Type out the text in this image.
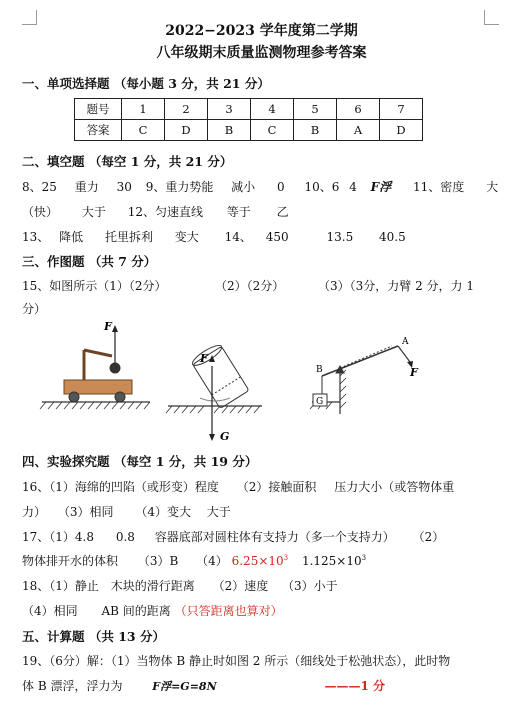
2022−2023 学年度第二学期
八年级期末质量监测物理参考答案
一、单项选择题 （每小题 3 分，共 21 分）
题号	1	2	3	4	5	6	7
答案	C	D	B	C	B	A	D
二、填空题 （每空 1 分，共 21 分）
8、25 重力 30 9、重力势能 减小 0 10、6 4 F浮 11、密度 大
（快） 大于 12、匀速直线 等于 乙
13、 降低 托里拆利 变大 14、 450	13.5 40.5
三、作图题 （共 7 分）
15、如图所示（1）（2分）	（2）（2分）	（3）（3分，力臂 2 分，力 1
分）
F
F
G
B
A
G
F
四、实验探究题 （每空 1 分，共 19 分）
16、（1）海绵的凹陷（或形变）程度 （2）接触面积 压力大小（或答物体重
力） （3）相同 （4）变大 大于
17、（1）4.8 0.8 容器底部对圆柱体有支持力（多一个支持力） （2）
物体排开水的体积 （3）B （4） $6.25\times 10^3$ $1.125\times 10^3$
18、（1）静止 木块的滑行距离 （2）速度 （3）小于
（4）相同 AB 间的距离 （只答距离也算对）
五、计算题 （共 13 分）
19、（6分）解：（1）当物体 B 静止时如图 2 所示（细线处于松弛状态），此时物
体 B 漂浮，浮力为	F浮=G=8N	———1 分
